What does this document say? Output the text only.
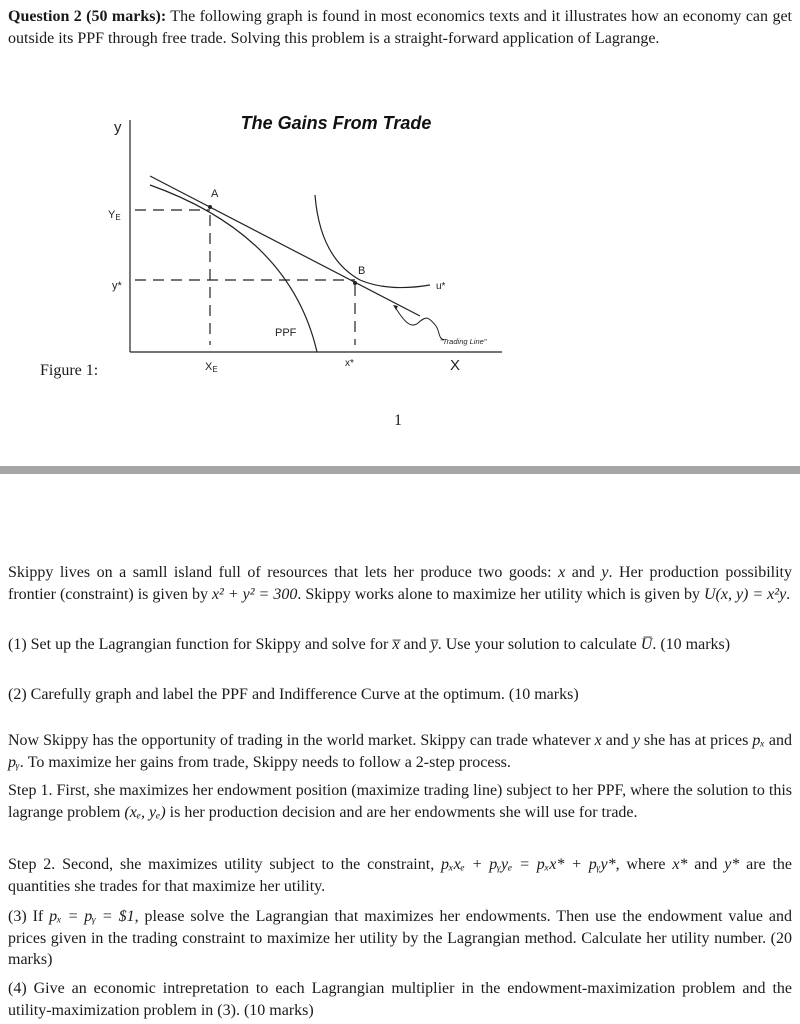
Question 2 (50 marks): The following graph is found in most economics texts and it illustrates how an economy can get outside its PPF through free trade. Solving this problem is a straight-forward application of Lagrange.
The Gains From Trade
y
YE
y*
A
B
u*
PPF
"Trading Line"
XE
x*	X
Figure 1:
1
Skippy lives on a samll island full of resources that lets her produce two goods: x and y. Her production possibility frontier (constraint) is given by x² + y² = 300. Skippy works alone to maximize her utility which is given by U(x, y) = x²y.
(1) Set up the Lagrangian function for Skippy and solve for x̅ and y̅. Use your solution to calculate U̅. (10 marks)
(2) Carefully graph and label the PPF and Indifference Curve at the optimum. (10 marks)
Now Skippy has the opportunity of trading in the world market. Skippy can trade whatever x and y she has at prices pₓ and pᵧ. To maximize her gains from trade, Skippy needs to follow a 2-step process.
Step 1. First, she maximizes her endowment position (maximize trading line) subject to her PPF, where the solution to this lagrange problem (xₑ, yₑ) is her production decision and are her endowments she will use for trade.
Step 2. Second, she maximizes utility subject to the constraint, pₓxₑ + pᵧyₑ = pₓx* + pᵧy*, where x* and y* are the quantities she trades for that maximize her utility.
(3) If pₓ = pᵧ = $1, please solve the Lagrangian that maximizes her endowments. Then use the endowment value and prices given in the trading constraint to maximize her utility by the Lagrangian method. Calculate her utility number. (20 marks)
(4) Give an economic intrepretation to each Lagrangian multiplier in the endowment-maximization problem and the utility-maximization problem in (3). (10 marks)
